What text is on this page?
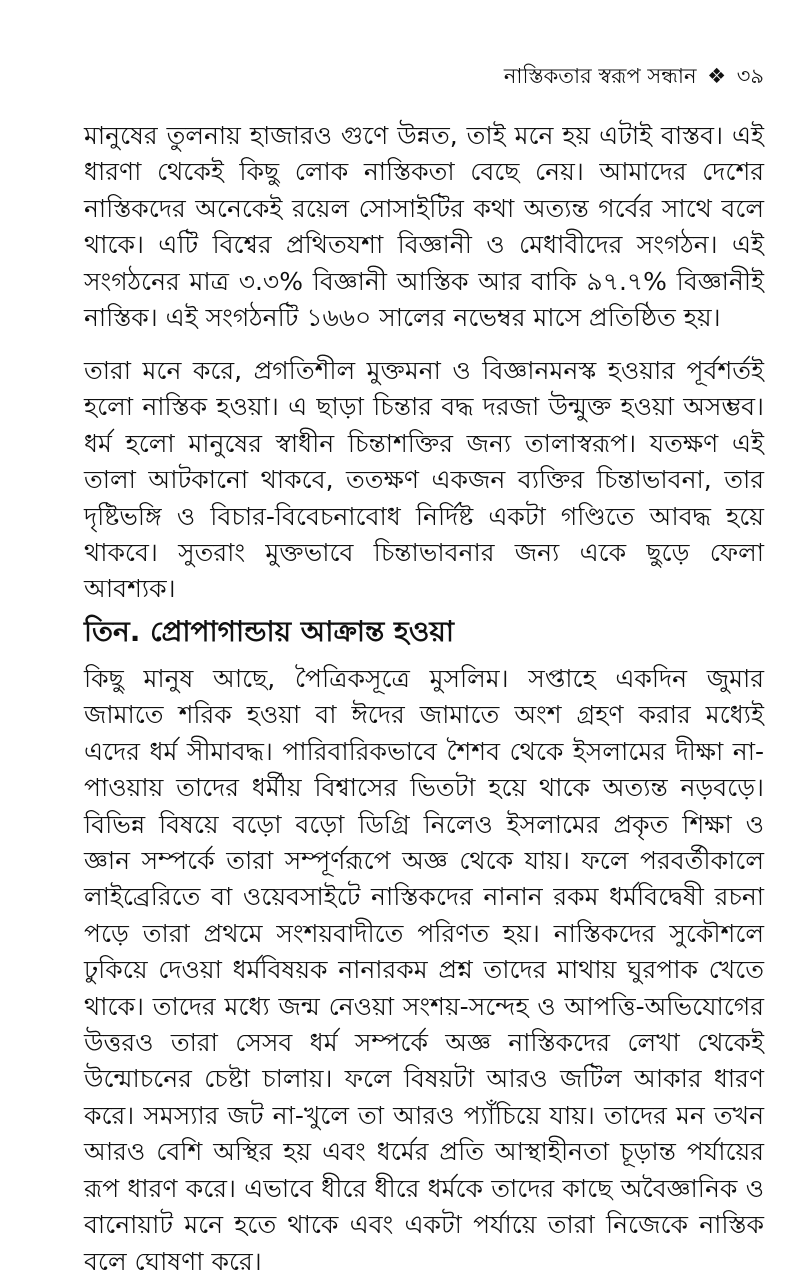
নাস্তিকতার স্বরূপ সন্ধান ❖ ৩৯

মানুষের তুলনায় হাজারও গুণে উন্নত, তাই মনে হয় এটাই বাস্তব। এই ধারণা থেকেই কিছু লোক নাস্তিকতা বেছে নেয়। আমাদের দেশের নাস্তিকদের অনেকেই রয়েল সোসাইটির কথা অত্যন্ত গর্বের সাথে বলে থাকে। এটি বিশ্বের প্রথিতযশা বিজ্ঞানী ও মেধাবীদের সংগঠন। এই সংগঠনের মাত্র ৩.৩% বিজ্ঞানী আস্তিক আর বাকি ৯৭.৭% বিজ্ঞানীই নাস্তিক। এই সংগঠনটি ১৬৬০ সালের নভেম্বর মাসে প্রতিষ্ঠিত হয়।

তারা মনে করে, প্রগতিশীল মুক্তমনা ও বিজ্ঞানমনস্ক হওয়ার পূর্বশর্তই হলো নাস্তিক হওয়া। এ ছাড়া চিন্তার বদ্ধ দরজা উন্মুক্ত হওয়া অসম্ভব। ধর্ম হলো মানুষের স্বাধীন চিন্তাশক্তির জন্য তালাস্বরূপ। যতক্ষণ এই তালা আটকানো থাকবে, ততক্ষণ একজন ব্যক্তির চিন্তাভাবনা, তার দৃষ্টিভঙ্গি ও বিচার-বিবেচনাবোধ নির্দিষ্ট একটা গণ্ডিতে আবদ্ধ হয়ে থাকবে। সুতরাং মুক্তভাবে চিন্তাভাবনার জন্য একে ছুড়ে ফেলা আবশ্যক।

তিন. প্রোপাগান্ডায় আক্রান্ত হওয়া

কিছু মানুষ আছে, পৈত্রিকসূত্রে মুসলিম। সপ্তাহে একদিন জুমার জামাতে শরিক হওয়া বা ঈদের জামাতে অংশ গ্রহণ করার মধ্যেই এদের ধর্ম সীমাবদ্ধ। পারিবারিকভাবে শৈশব থেকে ইসলামের দীক্ষা না-পাওয়ায় তাদের ধর্মীয় বিশ্বাসের ভিতটা হয়ে থাকে অত্যন্ত নড়বড়ে। বিভিন্ন বিষয়ে বড়ো বড়ো ডিগ্রি নিলেও ইসলামের প্রকৃত শিক্ষা ও জ্ঞান সম্পর্কে তারা সম্পূর্ণরূপে অজ্ঞ থেকে যায়। ফলে পরবর্তীকালে লাইব্রেরিতে বা ওয়েবসাইটে নাস্তিকদের নানান রকম ধর্মবিদ্বেষী রচনা পড়ে তারা প্রথমে সংশয়বাদীতে পরিণত হয়। নাস্তিকদের সুকৌশলে ঢুকিয়ে দেওয়া ধর্মবিষয়ক নানারকম প্রশ্ন তাদের মাথায় ঘুরপাক খেতে থাকে। তাদের মধ্যে জন্ম নেওয়া সংশয়-সন্দেহ ও আপত্তি-অভিযোগের উত্তরও তারা সেসব ধর্ম সম্পর্কে অজ্ঞ নাস্তিকদের লেখা থেকেই উন্মোচনের চেষ্টা চালায়। ফলে বিষয়টা আরও জটিল আকার ধারণ করে। সমস্যার জট না-খুলে তা আরও প্যাঁচিয়ে যায়। তাদের মন তখন আরও বেশি অস্থির হয় এবং ধর্মের প্রতি আস্থাহীনতা চূড়ান্ত পর্যায়ের রূপ ধারণ করে। এভাবে ধীরে ধীরে ধর্মকে তাদের কাছে অবৈজ্ঞানিক ও বানোয়াট মনে হতে থাকে এবং একটা পর্যায়ে তারা নিজেকে নাস্তিক বলে ঘোষণা করে।
